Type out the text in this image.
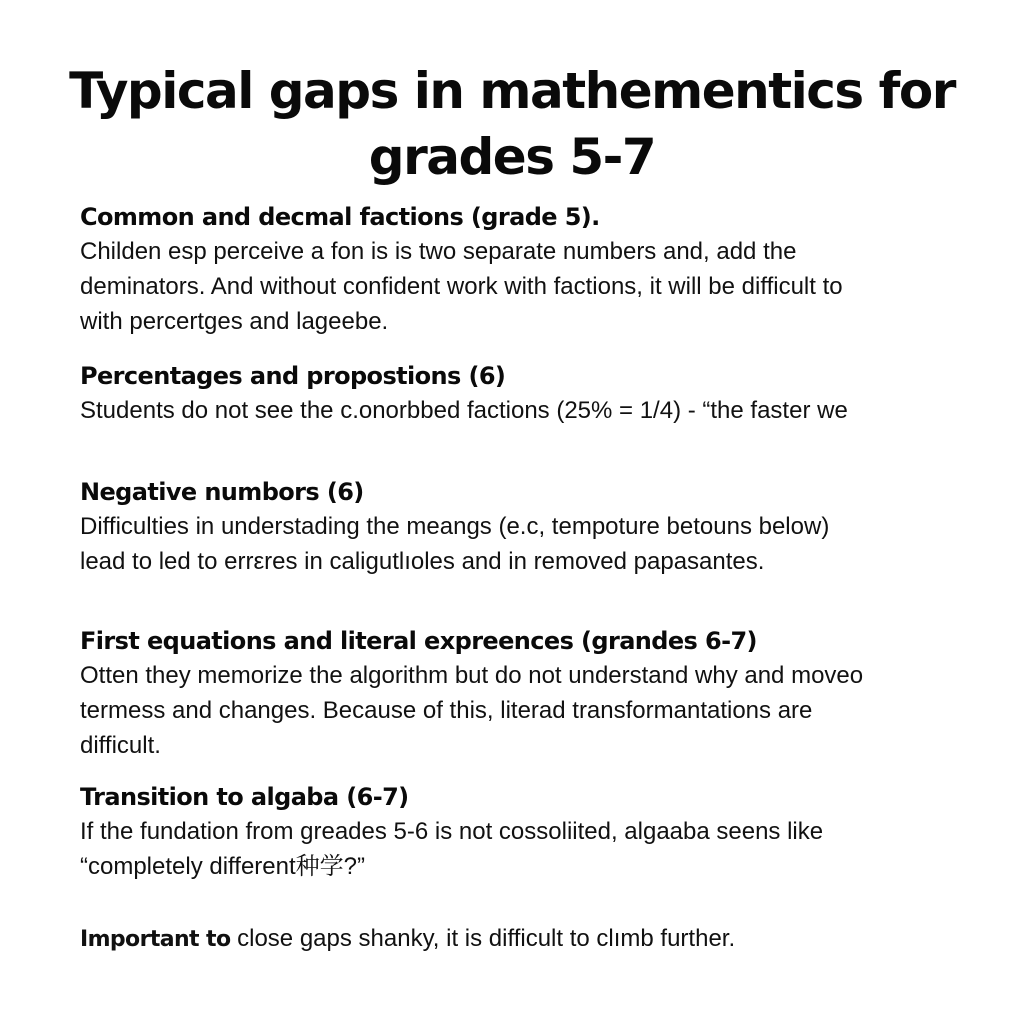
Typical gaps in mathementics for
grades 5-7
Common and decmal factions (grade 5).

Childen esp perceive a fon is is two separate numbers and, add the
deminators. And without confident work with factions, it will be difficult to
with percertges and lageebe.

Percentages and propostions (6)

Students do not see the c.onorbbed factions (25% = 1/4) - “the faster we

Negative numbors (6)

Difficulties in understading the meangs (e.c, tempoture betouns below)
lead to led to errεres in caligutlıoles and in removed papasantes.

First equations and literal expreences (grandes 6-7)

Otten they memorize the algorithm but do not understand why and moveo
termess and changes. Because of this, literad transformantations are
difficult.

Transition to algaba (6-7)

If the fundation from greades 5-6 is not cossoliited, algaaba seens like
“completely different种学?”

Important to close gaps shanky, it is difficult to clımb further.
